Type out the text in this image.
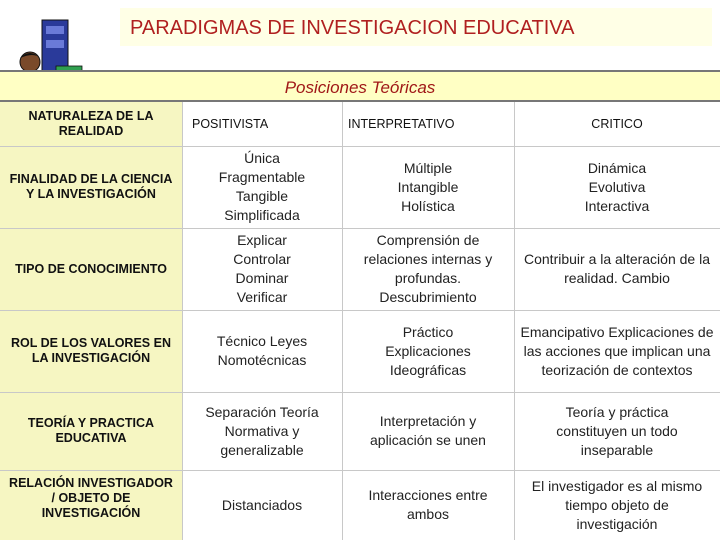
PARADIGMAS DE INVESTIGACION EDUCATIVA
Posiciones Teóricas
NATURALEZA DE LA REALIDAD
FINALIDAD DE LA CIENCIA Y LA INVESTIGACIÓN
TIPO DE CONOCIMIENTO
ROL DE LOS VALORES EN LA INVESTIGACIÓN
TEORÍA Y PRACTICA EDUCATIVA
RELACIÓN INVESTIGADOR / OBJETO DE INVESTIGACIÓN
POSITIVISTA	INTERPRETATIVO	CRITICO
Única Fragmentable Tangible Simplificada
Múltiple Intangible Holística
Dinámica Evolutiva Interactiva
Explicar Controlar Dominar Verificar
Comprensión de relaciones internas y profundas. Descubrimiento
Contribuir a la alteración de la realidad. Cambio
Técnico Leyes Nomotécnicas
Práctico Explicaciones Ideográficas
Emancipativo Explicaciones de las acciones que implican una teorización de contextos
Separación Teoría Normativa y generalizable
Interpretación y aplicación se unen
Teoría y práctica constituyen un todo inseparable
Distanciados
Interacciones entre ambos
El investigador es al mismo tiempo objeto de investigación
